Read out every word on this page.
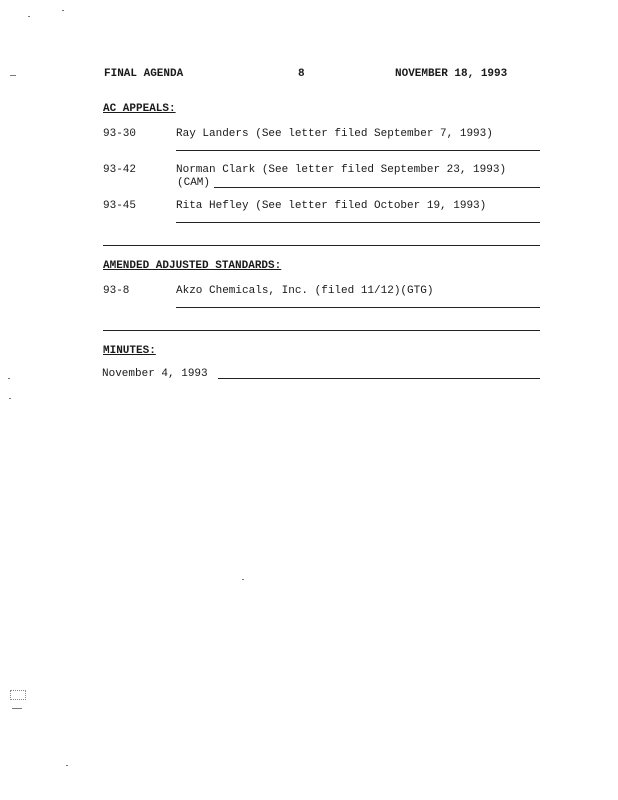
FINAL AGENDA	8	NOVEMBER 18, 1993
AC APPEALS:
93-30	Ray Landers (See letter filed September 7, 1993)
93-42	Norman Clark (See letter filed September 23, 1993)
(CAM)
93-45	Rita Hefley (See letter filed October 19, 1993)
AMENDED ADJUSTED STANDARDS:
93-8	Akzo Chemicals, Inc. (filed 11/12)(GTG)
MINUTES:
November 4, 1993
